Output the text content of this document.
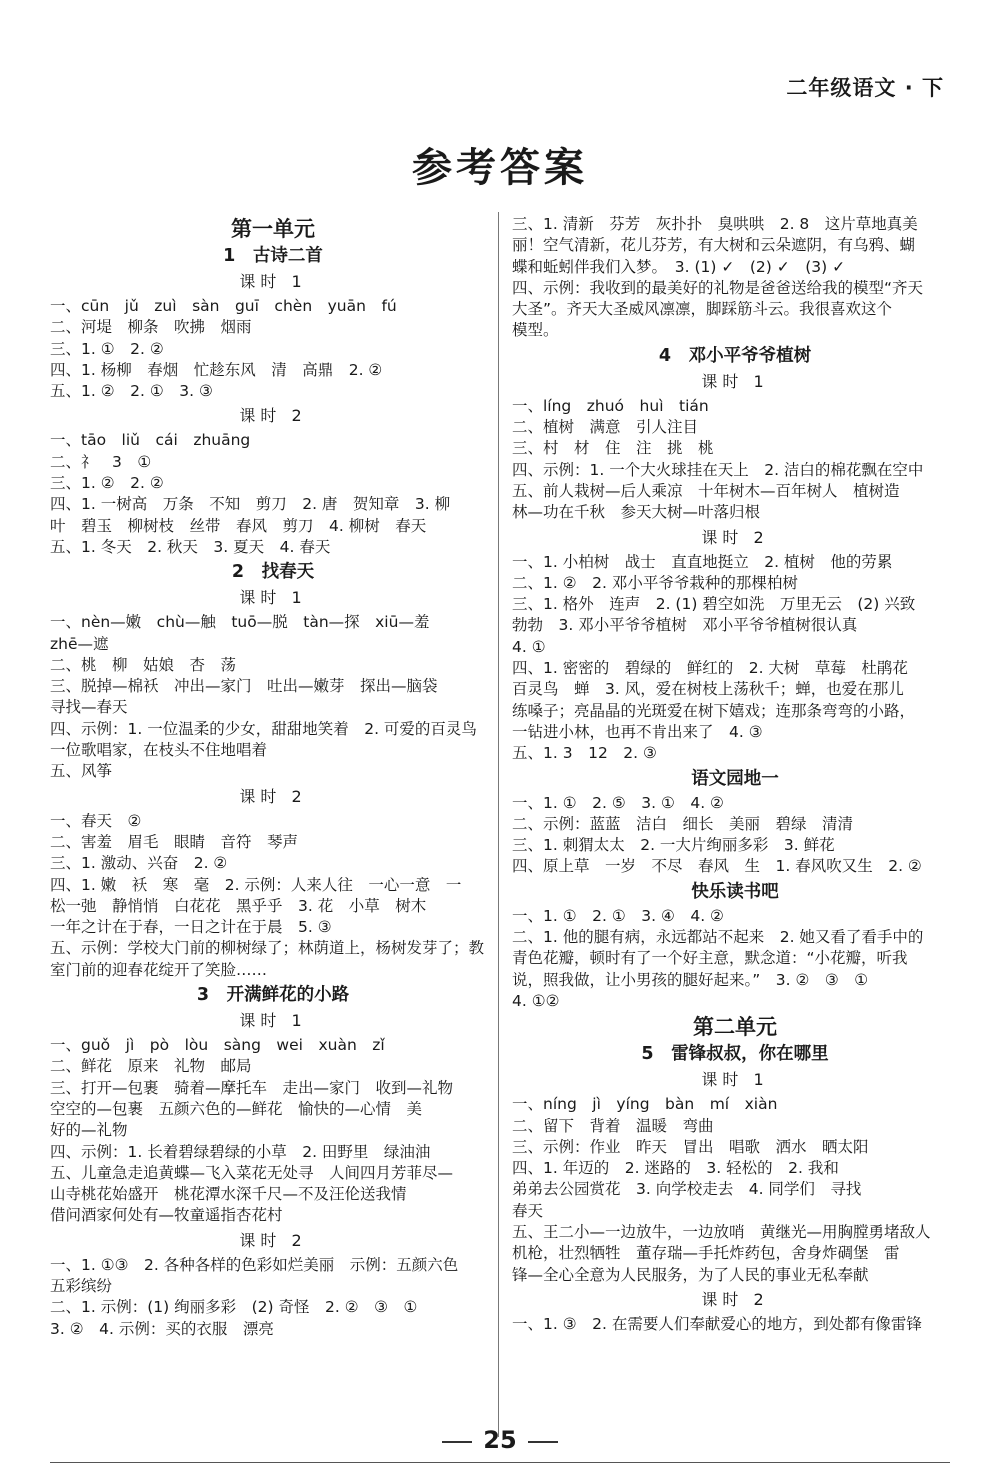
二年级语文 · 下
参考答案
第一单元
1　古诗二首
课时 1
一、cūn　jǔ　zuì　sàn　guī　chèn　yuān　fú
二、河堤　柳条　吹拂　烟雨
三、1. ①　2. ②
四、1. 杨柳　春烟　忙趁东风　清　高鼎　2. ②
五、1. ②　2. ①　3. ③
课时 2
一、tāo　liǔ　cái　zhuāng
二、礻　3　①
三、1. ②　2. ②
四、1. 一树高　万条　不知　剪刀　2. 唐　贺知章　3. 柳
叶　碧玉　柳树枝　丝带　春风　剪刀　4. 柳树　春天
五、1. 冬天　2. 秋天　3. 夏天　4. 春天
2　找春天
课时 1
一、nèn—嫩　chù—触　tuō—脱　tàn—探　xiū—羞
zhē—遮
二、桃　柳　姑娘　杏　荡
三、脱掉—棉袄　冲出—家门　吐出—嫩芽　探出—脑袋
寻找—春天
四、示例：1. 一位温柔的少女，甜甜地笑着　2. 可爱的百灵鸟
一位歌唱家，在枝头不住地唱着
五、风筝
课时 2
一、春天　②
二、害羞　眉毛　眼睛　音符　琴声
三、1. 激动、兴奋　2. ②
四、1. 嫩　袄　寒　毫　2. 示例：人来人往　一心一意　一
松一弛　静悄悄　白花花　黑乎乎　3. 花　小草　树木
一年之计在于春，一日之计在于晨　5. ③
五、示例：学校大门前的柳树绿了；林荫道上，杨树发芽了；教
室门前的迎春花绽开了笑脸……
3　开满鲜花的小路
课时 1
一、guǒ　jì　pò　lòu　sàng　wei　xuàn　zǐ
二、鲜花　原来　礼物　邮局
三、打开—包裹　骑着—摩托车　走出—家门　收到—礼物
空空的—包裹　五颜六色的—鲜花　愉快的—心情　美
好的—礼物
四、示例：1. 长着碧绿碧绿的小草　2. 田野里　绿油油
五、儿童急走追黄蝶—飞入菜花无处寻　人间四月芳菲尽—
山寺桃花始盛开　桃花潭水深千尺—不及汪伦送我情
借问酒家何处有—牧童遥指杏花村
课时 2
一、1. ①③　2. 各种各样的色彩如烂美丽　示例：五颜六色
五彩缤纷
二、1. 示例：(1) 绚丽多彩　(2) 奇怪　2. ②　③　①
3. ②　4. 示例：买的衣服　漂亮
三、1. 清新　芬芳　灰扑扑　臭哄哄　2. 8　这片草地真美
丽！空气清新，花儿芬芳，有大树和云朵遮阴，有乌鸦、蝴
蝶和蚯蚓伴我们入梦。　3. (1) ✓　(2) ✓　(3) ✓
四、示例：我收到的最美好的礼物是爸爸送给我的模型“齐天
大圣”。齐天大圣威风凛凛，脚踩筋斗云。我很喜欢这个
模型。
4　邓小平爷爷植树
课时 1
一、líng　zhuó　huì　tián
二、植树　满意　引人注目
三、村　材　住　注　挑　桃
四、示例：1. 一个大火球挂在天上　2. 洁白的棉花飘在空中
五、前人栽树—后人乘凉　十年树木—百年树人　植树造
林—功在千秋　参天大树—叶落归根
课时 2
一、1. 小柏树　战士　直直地挺立　2. 植树　他的劳累
二、1. ②　2. 邓小平爷爷栽种的那棵柏树
三、1. 格外　连声　2. (1) 碧空如洗　万里无云　(2) 兴致
勃勃　3. 邓小平爷爷植树　邓小平爷爷植树很认真
4. ①
四、1. 密密的　碧绿的　鲜红的　2. 大树　草莓　杜鹃花
百灵鸟　蝉　3. 风，爱在树枝上荡秋千；蝉，也爱在那儿
练嗓子；亮晶晶的光斑爱在树下嬉戏；连那条弯弯的小路，
一钻进小林，也再不肯出来了　4. ③
五、1. 3　12　2. ③
语文园地一
一、1. ①　2. ⑤　3. ①　4. ②
二、示例：蓝蓝　洁白　细长　美丽　碧绿　清清
三、1. 刺猬太太　2. 一大片绚丽多彩　3. 鲜花
四、原上草　一岁　不尽　春风　生　1. 春风吹又生　2. ②
快乐读书吧
一、1. ①　2. ①　3. ④　4. ②
二、1. 他的腿有病，永远都站不起来　2. 她又看了看手中的
青色花瓣，顿时有了一个好主意，默念道：“小花瓣，听我
说，照我做，让小男孩的腿好起来。”　3. ②　③　①
4. ①②
第二单元
5　雷锋叔叔，你在哪里
课时 1
一、níng　jì　yíng　bàn　mí　xiàn
二、留下　背着　温暖　弯曲
三、示例：作业　昨天　冒出　唱歌　洒水　晒太阳
四、1. 年迈的　2. 迷路的　3. 轻松的　2. 我和
弟弟去公园赏花　3. 向学校走去　4. 同学们　寻找
春天
五、王二小—一边放牛，一边放哨　黄继光—用胸膛勇堵敌人
机枪，壮烈牺牲　董存瑞—手托炸药包，舍身炸碉堡　雷
锋—全心全意为人民服务，为了人民的事业无私奉献
课时 2
一、1. ③　2. 在需要人们奉献爱心的地方，到处都有像雷锋
25
